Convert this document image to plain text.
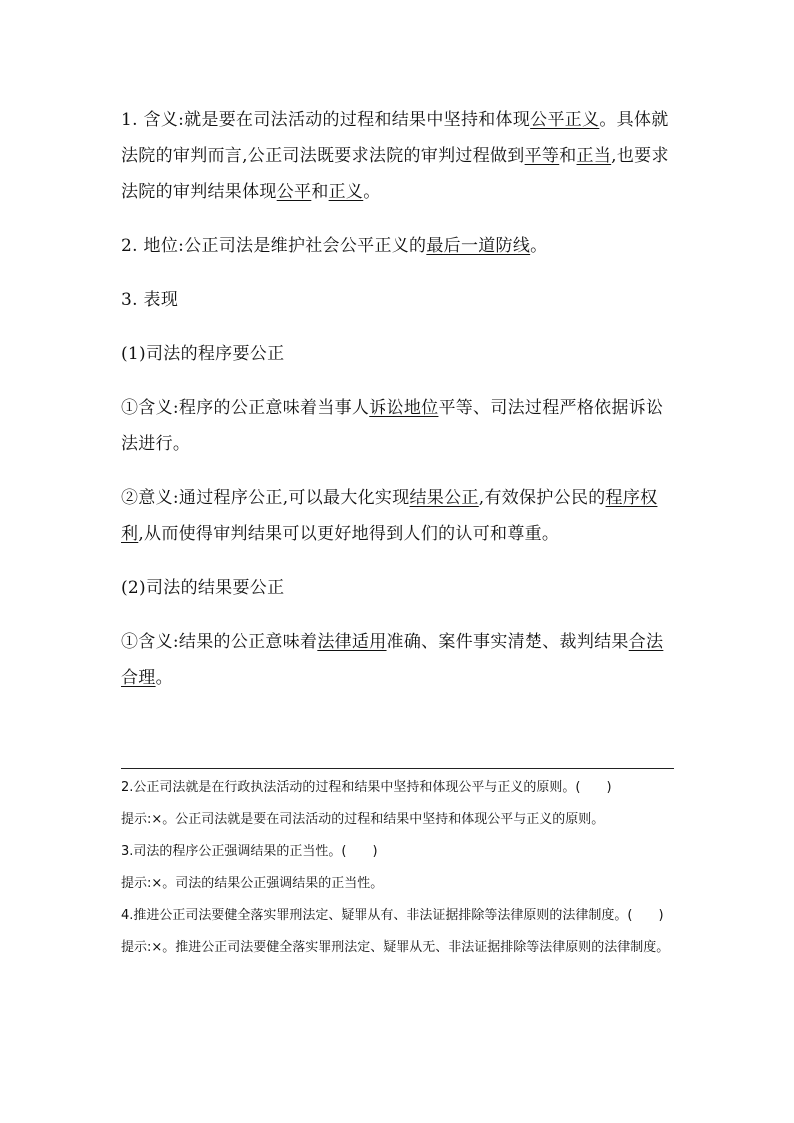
1. 含义:就是要在司法活动的过程和结果中坚持和体现公平正义。具体就法院的审判而言,公正司法既要求法院的审判过程做到平等和正当,也要求法院的审判结果体现公平和正义。

2. 地位:公正司法是维护社会公平正义的最后一道防线。

3. 表现

(1)司法的程序要公正

①含义:程序的公正意味着当事人诉讼地位平等、司法过程严格依据诉讼法进行。

②意义:通过程序公正,可以最大化实现结果公正,有效保护公民的程序权利,从而使得审判结果可以更好地得到人们的认可和尊重。

(2)司法的结果要公正

①含义:结果的公正意味着法律适用准确、案件事实清楚、裁判结果合法合理。

2.公正司法就是在行政执法活动的过程和结果中坚持和体现公平与正义的原则。(　　)

提示:×。公正司法就是要在司法活动的过程和结果中坚持和体现公平与正义的原则。

3.司法的程序公正强调结果的正当性。(　　)

提示:×。司法的结果公正强调结果的正当性。

4.推进公正司法要健全落实罪刑法定、疑罪从有、非法证据排除等法律原则的法律制度。(　　)

提示:×。推进公正司法要健全落实罪刑法定、疑罪从无、非法证据排除等法律原则的法律制度。
